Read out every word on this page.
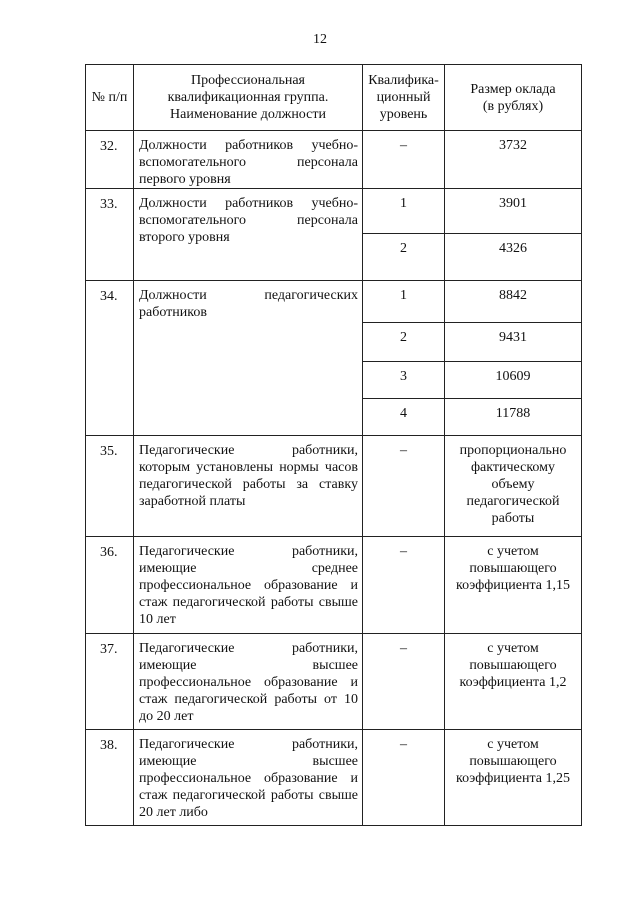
12
№ п/п	Профессиональная квалификационная группа. Наименование должности	Квалифика-ционный уровень	Размер оклада (в рублях)

32.	Должности работников учебно-вспомогательного персонала первого уровня	–	3732
33.	Должности работников учебно-вспомогательного персонала второго уровня	1	3901
		2	4326
34.	Должности педагогических работников	1	8842
		2	9431
		3	10609
		4	11788
35.	Педагогические работники, которым установлены нормы часов педагогической работы за ставку заработной платы	–	пропорционально фактическому объему педагогической работы
36.	Педагогические работники, имеющие среднее профессиональное образование и стаж педагогической работы свыше 10 лет	–	с учетом повышающего коэффициента 1,15
37.	Педагогические работники, имеющие высшее профессиональное образование и стаж педагогической работы от 10 до 20 лет	–	с учетом повышающего коэффициента 1,2
38.	Педагогические работники, имеющие высшее профессиональное образование и стаж педагогической работы свыше 20 лет либо	–	с учетом повышающего коэффициента 1,25
